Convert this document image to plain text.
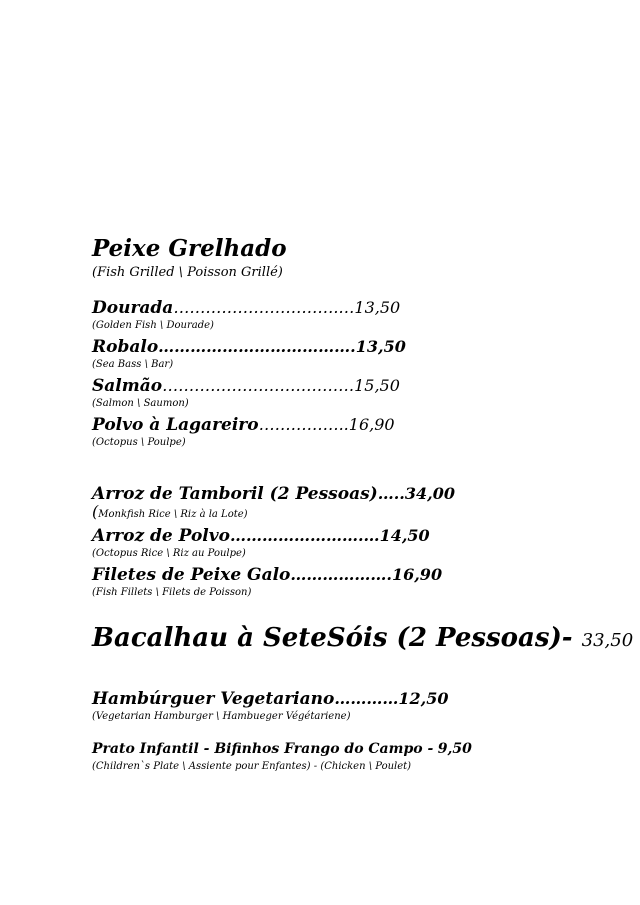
Peixe Grelhado

(Fish Grilled \ Poisson Grillé)

Dourada………………………….…13,50
(Golden Fish \ Dourade)
Robalo……………………………….13,50
(Sea Bass \ Bar)
Salmão………………………………15,50
(Salmon \ Saumon)
Polvo à Lagareiro……………..16,90
(Octopus \ Poulpe)
Arroz de Tamboril (2 Pessoas)…..34,00
(Monkfish Rice \ Riz à la Lote)
Arroz de Polvo…………………….…14,50
(Octopus Rice \ Riz au Poulpe)
Filetes de Peixe Galo……………….16,90
(Fish Fillets \ Filets de Poisson)
Bacalhau à SeteSóis (2 Pessoas)- 33,50
Hambúrguer Vegetariano…………12,50
(Vegetarian Hamburger \ Hambueger Végétariene)
Prato Infantil - Bifinhos Frango do Campo - 9,50
(Children`s Plate \ Assiente pour Enfantes) - (Chicken \ Poulet)
